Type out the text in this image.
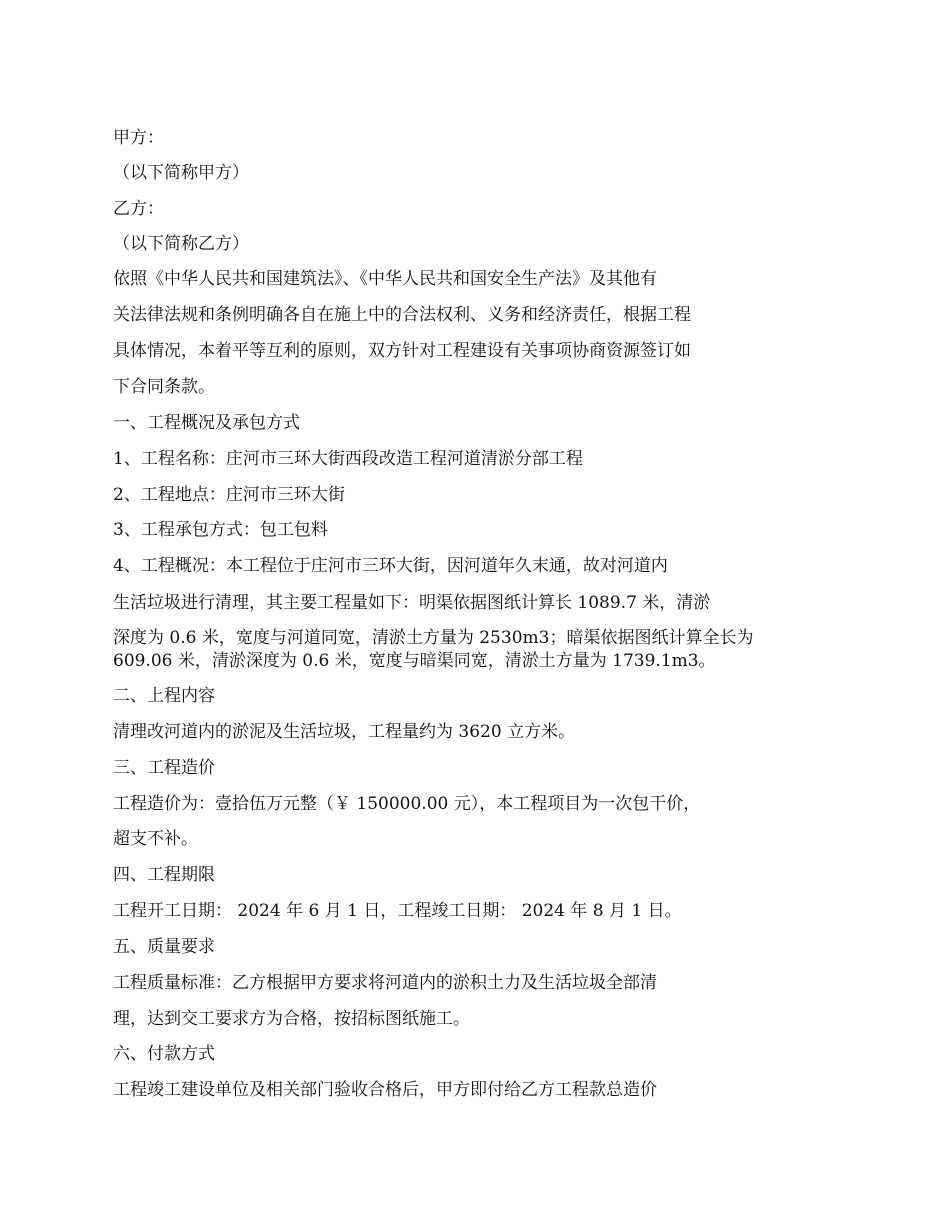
甲方：
（以下简称甲方）
乙方：
（以下简称乙方）
依照《中华人民共和国建筑法》、《中华人民共和国安全生产法》及其他有
关法律法规和条例明确各自在施上中的合法权利、义务和经济责任，根据工程
具体情况，本着平等互利的原则，双方针对工程建设有关事项协商资源签订如
下合同条款。
一、工程概况及承包方式
1、工程名称：庄河市三环大街西段改造工程河道清淤分部工程
2、工程地点：庄河市三环大街
3、工程承包方式：包工包料
4、工程概况：本工程位于庄河市三环大街，因河道年久末通，故对河道内
生活垃圾进行清理，其主要工程量如下：明渠依据图纸计算长 1089.7 米，清淤
深度为 0.6 米，宽度与河道同宽，清淤土方量为 2530m3；暗渠依据图纸计算全长为
609.06 米，清淤深度为 0.6 米，宽度与暗渠同宽，清淤土方量为 1739.1m3。
二、上程内容
清理改河道内的淤泥及生活垃圾，工程量约为 3620 立方米。
三、工程造价
工程造价为：壹拾伍万元整（￥ 150000.00 元），本工程项目为一次包干价，
超支不补。
四、工程期限
工程开工日期： 2024 年 6 月 1 日，工程竣工日期： 2024 年 8 月 1 日。
五、质量要求
工程质量标准：乙方根据甲方要求将河道内的淤积土力及生活垃圾全部清
理，达到交工要求方为合格，按招标图纸施工。
六、付款方式
工程竣工建设单位及相关部门验收合格后，甲方即付给乙方工程款总造价
